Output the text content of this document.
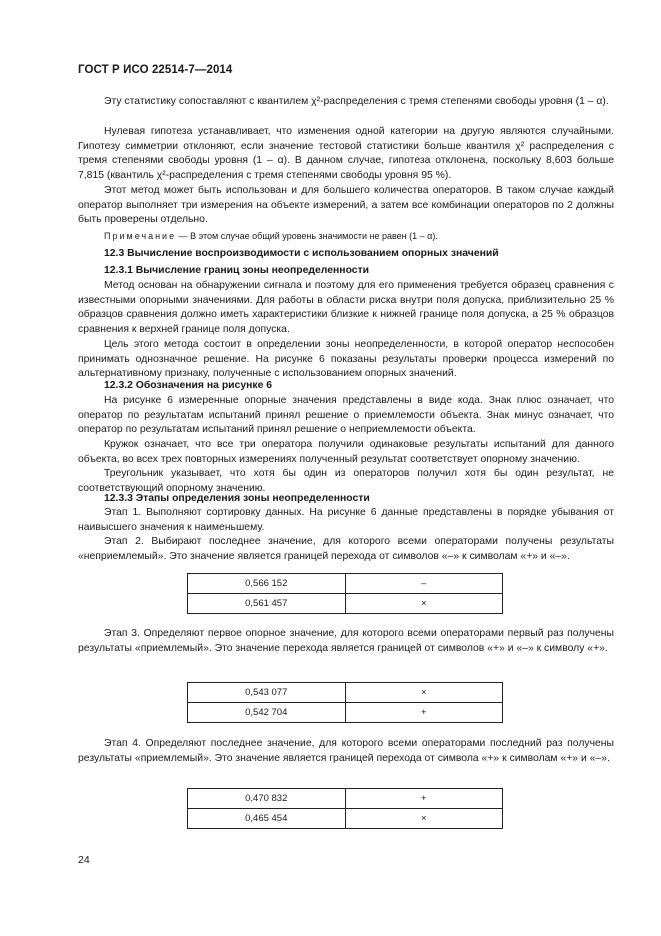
ГОСТ Р ИСО 22514-7—2014

Эту статистику сопоставляют с квантилем χ²-распределения с тремя степенями свободы уровня (1 – α).

Нулевая гипотеза устанавливает, что изменения одной категории на другую являются случайными. Гипотезу симметрии отклоняют, если значение тестовой статистики больше квантиля χ² распределения с тремя степенями свободы уровня (1 – α). В данном случае, гипотеза отклонена, поскольку 8,603 больше 7,815 (квантиль χ²-распределения с тремя степенями свободы уровня 95 %).

Этот метод может быть использован и для большего количества операторов. В таком случае каждый оператор выполняет три измерения на объекте измерений, а затем все комбинации операторов по 2 должны быть проверены отдельно.

Примечание — В этом случае общий уровень значимости не равен (1 – α).

12.3 Вычисление воспроизводимости с использованием опорных значений

12.3.1 Вычисление границ зоны неопределенности

Метод основан на обнаружении сигнала и поэтому для его применения требуется образец сравнения с известными опорными значениями. Для работы в области риска внутри поля допуска, приблизительно 25 % образцов сравнения должно иметь характеристики близкие к нижней границе поля допуска, а 25 % образцов сравнения к верхней границе поля допуска.

Цель этого метода состоит в определении зоны неопределенности, в которой оператор неспособен принимать однозначное решение. На рисунке 6 показаны результаты проверки процесса измерений по альтернативному признаку, полученные с использованием опорных значений.

12.3.2 Обозначения на рисунке 6

На рисунке 6 измеренные опорные значения представлены в виде кода. Знак плюс означает, что оператор по результатам испытаний принял решение о приемлемости объекта. Знак минус означает, что оператор по результатам испытаний принял решение о неприемлемости объекта.

Кружок означает, что все три оператора получили одинаковые результаты испытаний для данного объекта, во всех трех повторных измерениях полученный результат соответствует опорному значению.

Треугольник указывает, что хотя бы один из операторов получил хотя бы один результат, не соответствующий опорному значению.

12.3.3 Этапы определения зоны неопределенности

Этап 1. Выполняют сортировку данных. На рисунке 6 данные представлены в порядке убывания от наивысшего значения к наименьшему.

Этап 2. Выбирают последнее значение, для которого всеми операторами получены результаты «неприемлемый». Это значение является границей перехода от символов «–» к символам «+» и «–».

0,566 152	–
0,561 457	×

Этап 3. Определяют первое опорное значение, для которого всеми операторами первый раз получены результаты «приемлемый». Это значение перехода является границей от символов «+» и «–» к символу «+».

0,543 077	×
0,542 704	+

Этап 4. Определяют последнее значение, для которого всеми операторами последний раз получены результаты «приемлемый». Это значение является границей перехода от символа «+» к символам «+» и «–».

0,470 832	+
0,465 454	×
24
